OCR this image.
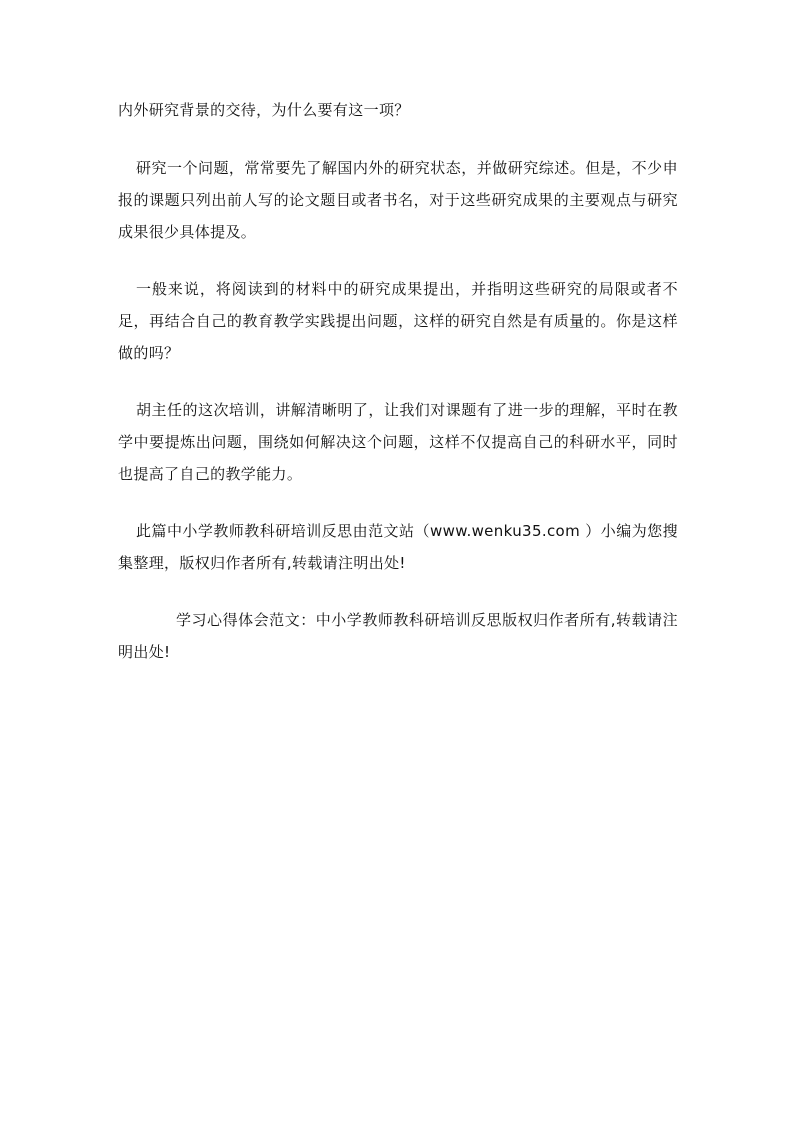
内外研究背景的交待，为什么要有这一项？

研究一个问题，常常要先了解国内外的研究状态，并做研究综述。但是，不少申报的课题只列出前人写的论文题目或者书名，对于这些研究成果的主要观点与研究成果很少具体提及。

一般来说，将阅读到的材料中的研究成果提出，并指明这些研究的局限或者不足，再结合自己的教育教学实践提出问题，这样的研究自然是有质量的。你是这样做的吗？

胡主任的这次培训，讲解清晰明了，让我们对课题有了进一步的理解，平时在教学中要提炼出问题，围绕如何解决这个问题，这样不仅提高自己的科研水平，同时也提高了自己的教学能力。

此篇中小学教师教科研培训反思由范文站（www.wenku35.com ）小编为您搜集整理，版权归作者所有,转载请注明出处!

学习心得体会范文：中小学教师教科研培训反思版权归作者所有,转载请注明出处!
